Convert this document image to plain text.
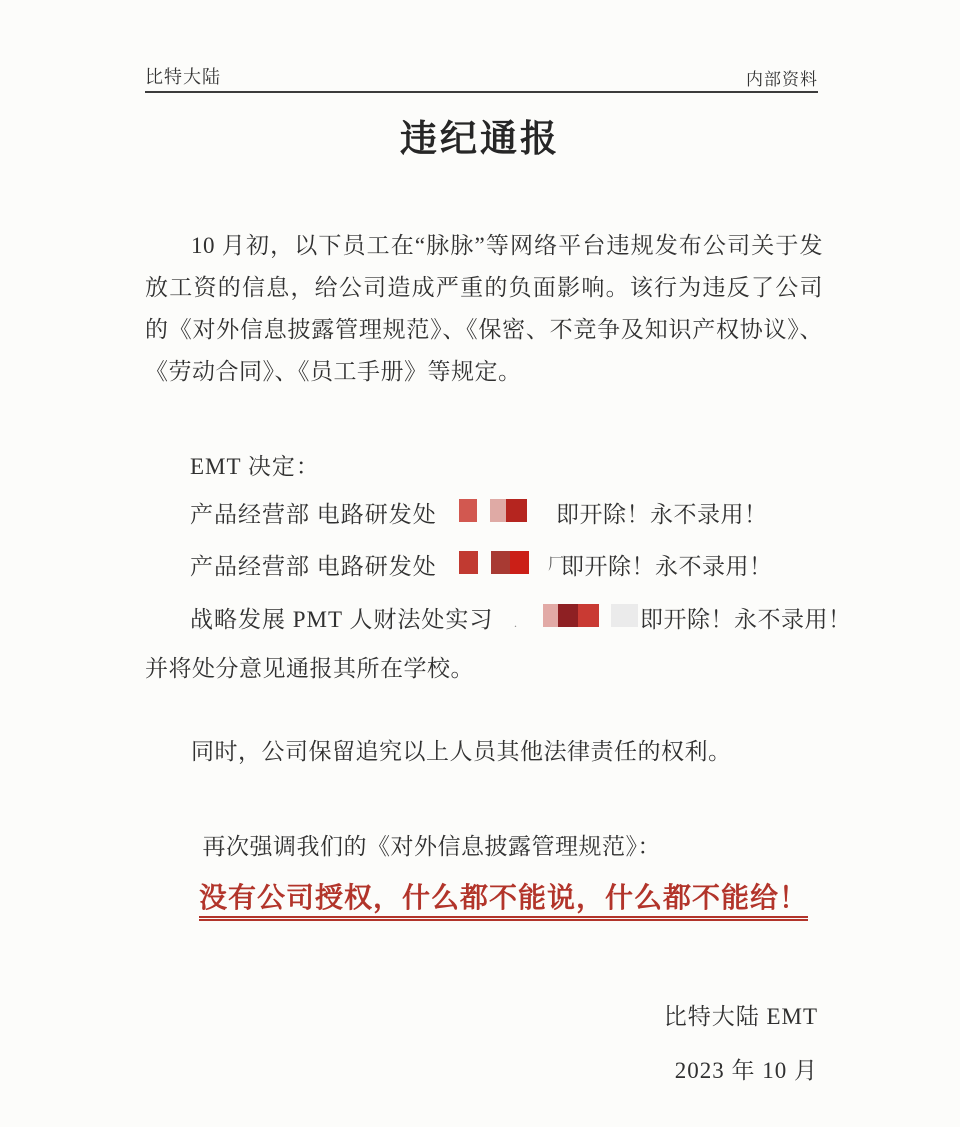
比特大陆	内部资料
违纪通报

10 月初，以下员工在“脉脉”等网络平台违规发布公司关于发放工资的信息，给公司造成严重的负面影响。该行为违反了公司的《对外信息披露管理规范》、《保密、不竞争及知识产权协议》、《劳动合同》、《员工手册》等规定。

EMT 决定：
产品经营部 电路研发处	即开除！永不录用！
产品经营部 电路研发处	厂
即开除！永不录用！
战略发展 PMT 人财法处实习 .	即开除！永不录用！

并将处分意见通报其所在学校。

同时，公司保留追究以上人员其他法律责任的权利。

再次强调我们的《对外信息披露管理规范》：

没有公司授权，什么都不能说，什么都不能给！
比特大陆 EMT
2023 年 10 月
